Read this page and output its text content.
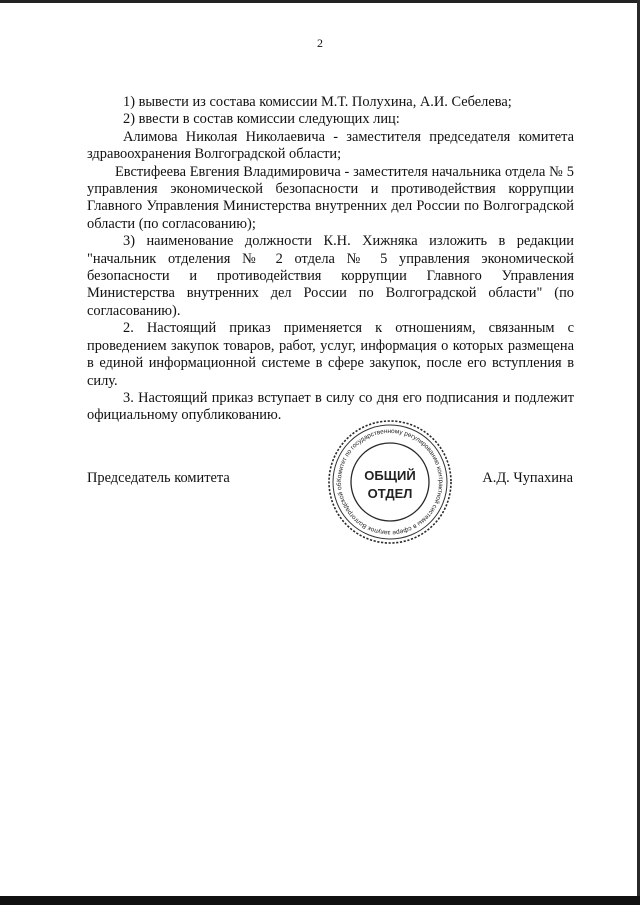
2

1) вывести из состава комиссии М.Т. Полухина, А.И. Себелева;

2) ввести в состав комиссии следующих лиц:

Алимова Николая Николаевича - заместителя председателя комитета здравоохранения Волгоградской области;

Евстифеева Евгения Владимировича - заместителя начальника отдела № 5 управления экономической безопасности и противодействия коррупции Главного Управления Министерства внутренних дел России по Волгоградской области (по согласованию);

3) наименование должности К.Н. Хижняка изложить в редакции "начальник отделения № 2 отдела № 5 управления экономической безопасности и противодействия коррупции Главного Управления Министерства внутренних дел России по Волгоградской области" (по согласованию).

2. Настоящий приказ применяется к отношениям, связанным с проведением закупок товаров, работ, услуг, информация о которых размещена в единой информационной системе в сфере закупок, после его вступления в силу.

3. Настоящий приказ вступает в силу со дня его подписания и подлежит официальному опубликованию.

Председатель комитета	А.Д. Чупахина
Комитет по государственному регулированию контрактной системы в сфере закупок Волгоградской об
ОБЩИЙ
ОТДЕЛ
